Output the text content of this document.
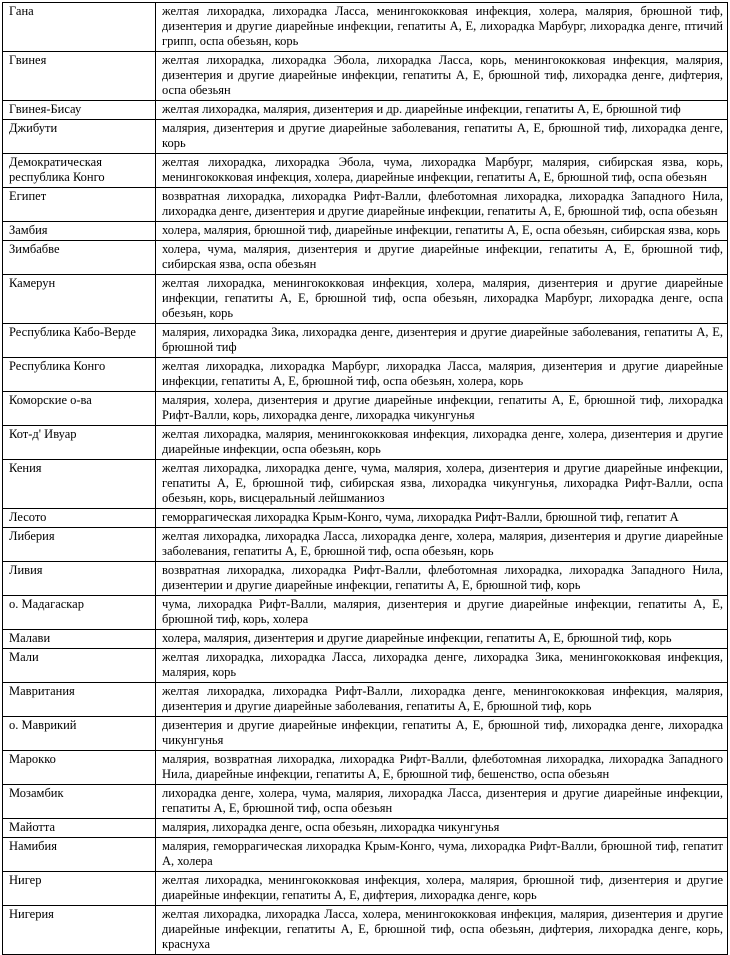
Гана	желтая лихорадка, лихорадка Ласса, менингококковая инфекция, холера, малярия, брюшной тиф, дизентерия и другие диарейные инфекции, гепатиты А, Е, лихорадка Марбург, лихорадка денге, птичий грипп, оспа обезьян, корь
Гвинея	желтая лихорадка, лихорадка Эбола, лихорадка Ласса, корь, менингококковая инфекция, малярия, дизентерия и другие диарейные инфекции, гепатиты А, Е, брюшной тиф, лихорадка денге, дифтерия, оспа обезьян
Гвинея-Бисау	желтая лихорадка, малярия, дизентерия и др. диарейные инфекции, гепатиты А, Е, брюшной тиф
Джибути	малярия, дизентерия и другие диарейные заболевания, гепатиты А, Е, брюшной тиф, лихорадка денге, корь
Демократическая республика Конго	желтая лихорадка, лихорадка Эбола, чума, лихорадка Марбург, малярия, сибирская язва, корь, менингококковая инфекция, холера, диарейные инфекции, гепатиты А, Е, брюшной тиф, оспа обезьян
Египет	возвратная лихорадка, лихорадка Рифт-Валли, флеботомная лихорадка, лихорадка Западного Нила, лихорадка денге, дизентерия и другие диарейные инфекции, гепатиты А, Е, брюшной тиф, оспа обезьян
Замбия	холера, малярия, брюшной тиф, диарейные инфекции, гепатиты А, Е, оспа обезьян, сибирская язва, корь
Зимбабве	холера, чума, малярия, дизентерия и другие диарейные инфекции, гепатиты А, Е, брюшной тиф, сибирская язва, оспа обезьян
Камерун	желтая лихорадка, менингококковая инфекция, холера, малярия, дизентерия и другие диарейные инфекции, гепатиты А, Е, брюшной тиф, оспа обезьян, лихорадка Марбург, лихорадка денге, оспа обезьян, корь
Республика Кабо-Верде	малярия, лихорадка Зика, лихорадка денге, дизентерия и другие диарейные заболевания, гепатиты А, Е, брюшной тиф
Республика Конго	желтая лихорадка, лихорадка Марбург, лихорадка Ласса, малярия, дизентерия и другие диарейные инфекции, гепатиты А, Е, брюшной тиф, оспа обезьян, холера, корь
Коморские о-ва	малярия, холера, дизентерия и другие диарейные инфекции, гепатиты А, Е, брюшной тиф, лихорадка Рифт-Валли, корь, лихорадка денге, лихорадка чикунгунья
Кот-д' Ивуар	желтая лихорадка, малярия, менингококковая инфекция, лихорадка денге, холера, дизентерия и другие диарейные инфекции, оспа обезьян, корь
Кения	желтая лихорадка, лихорадка денге, чума, малярия, холера, дизентерия и другие диарейные инфекции, гепатиты А, Е, брюшной тиф, сибирская язва, лихорадка чикунгунья, лихорадка Рифт-Валли, оспа обезьян, корь, висцеральный лейшманиоз
Лесото	геморрагическая лихорадка Крым-Конго, чума, лихорадка Рифт-Валли, брюшной тиф, гепатит А
Либерия	желтая лихорадка, лихорадка Ласса, лихорадка денге, холера, малярия, дизентерия и другие диарейные заболевания, гепатиты А, Е, брюшной тиф, оспа обезьян, корь
Ливия	возвратная лихорадка, лихорадка Рифт-Валли, флеботомная лихорадка, лихорадка Западного Нила, дизентерии и другие диарейные инфекции, гепатиты А, Е, брюшной тиф, корь
о. Мадагаскар	чума, лихорадка Рифт-Валли, малярия, дизентерия и другие диарейные инфекции, гепатиты А, Е, брюшной тиф, корь, холера
Малави	холера, малярия, дизентерия и другие диарейные инфекции, гепатиты А, Е, брюшной тиф, корь
Мали	желтая лихорадка, лихорадка Ласса, лихорадка денге, лихорадка Зика, менингококковая инфекция, малярия, корь
Мавритания	желтая лихорадка, лихорадка Рифт-Валли, лихорадка денге, менингококковая инфекция, малярия, дизентерия и другие диарейные заболевания, гепатиты А, Е, брюшной тиф, корь
о. Маврикий	дизентерия и другие диарейные инфекции, гепатиты А, Е, брюшной тиф, лихорадка денге, лихорадка чикунгунья
Марокко	малярия, возвратная лихорадка, лихорадка Рифт-Валли, флеботомная лихорадка, лихорадка Западного Нила, диарейные инфекции, гепатиты А, Е, брюшной тиф, бешенство, оспа обезьян
Мозамбик	лихорадка денге, холера, чума, малярия, лихорадка Ласса, дизентерия и другие диарейные инфекции, гепатиты А, Е, брюшной тиф, оспа обезьян
Майотта	малярия, лихорадка денге, оспа обезьян, лихорадка чикунгунья
Намибия	малярия, геморрагическая лихорадка Крым-Конго, чума, лихорадка Рифт-Валли, брюшной тиф, гепатит А, холера
Нигер	желтая лихорадка, менингококковая инфекция, холера, малярия, брюшной тиф, дизентерия и другие диарейные инфекции, гепатиты А, Е, дифтерия, лихорадка денге, корь
Нигерия	желтая лихорадка, лихорадка Ласса, холера, менингококковая инфекция, малярия, дизентерия и другие диарейные инфекции, гепатиты А, Е, брюшной тиф, оспа обезьян, дифтерия, лихорадка денге, корь, краснуха
